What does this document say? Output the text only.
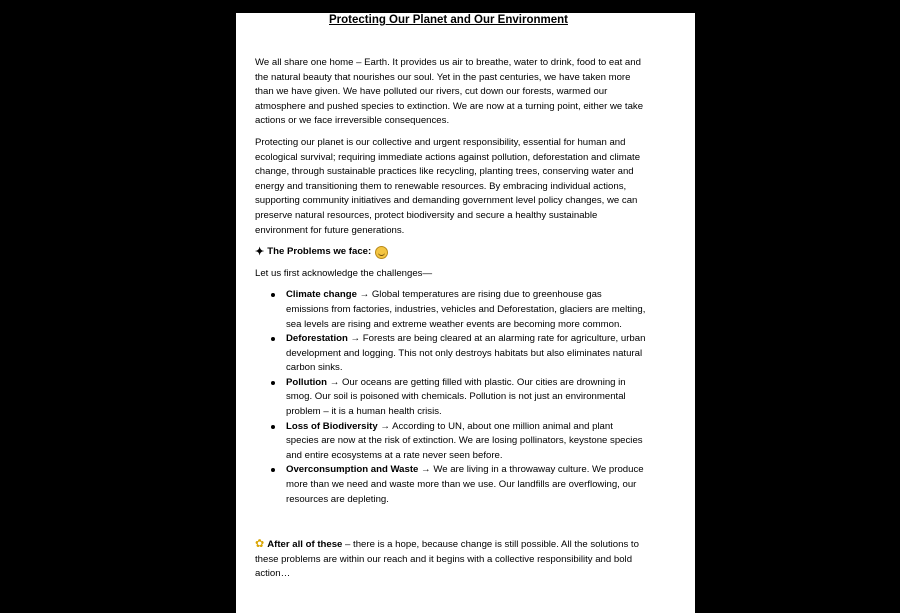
Protecting Our Planet and Our Environment

We all share one home – Earth. It provides us air to breathe, water to drink, food to eat and the natural beauty that nourishes our soul. Yet in the past centuries, we have taken more than we have given. We have polluted our rivers, cut down our forests, warmed our atmosphere and pushed species to extinction. We are now at a turning point, either we take actions or we face irreversible consequences.

Protecting our planet is our collective and urgent responsibility, essential for human and ecological survival; requiring immediate actions against pollution, deforestation and climate change, through sustainable practices like recycling, planting trees, conserving water and energy and transitioning them to renewable resources. By embracing individual actions, supporting community initiatives and demanding government level policy changes, we can preserve natural resources, protect biodiversity and secure a healthy sustainable environment for future generations.

✦ The Problems we face:

Let us first acknowledge the challenges—

Climate change → Global temperatures are rising due to greenhouse gas emissions from factories, industries, vehicles and Deforestation, glaciers are melting, sea levels are rising and extreme weather events are becoming more common.
Deforestation → Forests are being cleared at an alarming rate for agriculture, urban development and logging. This not only destroys habitats but also eliminates natural carbon sinks.
Pollution → Our oceans are getting filled with plastic. Our cities are drowning in smog. Our soil is poisoned with chemicals. Pollution is not just an environmental problem – it is a human health crisis.
Loss of Biodiversity → According to UN, about one million animal and plant species are now at the risk of extinction. We are losing pollinators, keystone species and entire ecosystems at a rate never seen before.
Overconsumption and Waste → We are living in a throwaway culture. We produce more than we need and waste more than we use. Our landfills are overflowing, our resources are depleting.

✿ After all of these – there is a hope, because change is still possible. All the solutions to these problems are within our reach and it begins with a collective responsibility and bold action…
